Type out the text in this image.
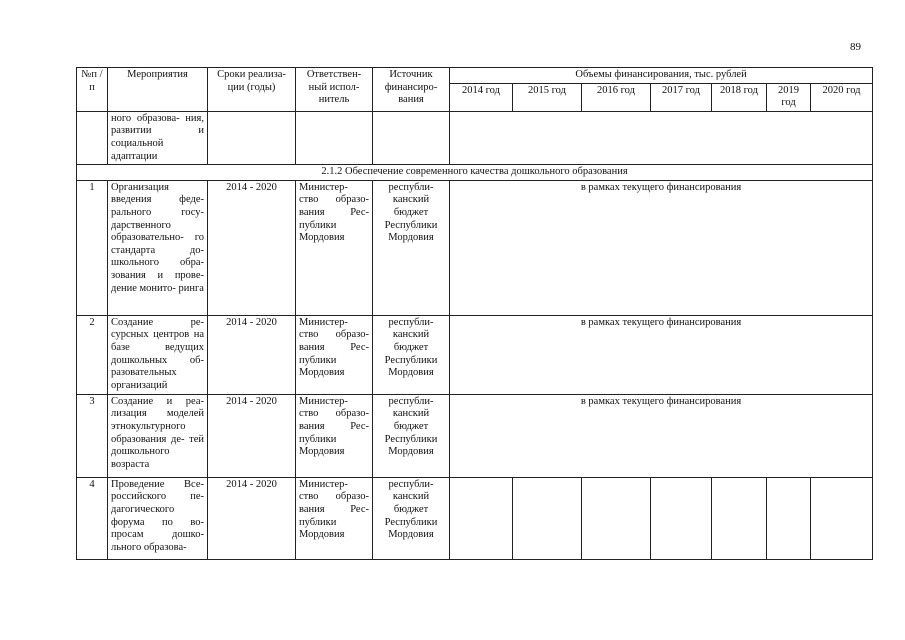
89
№п /п	Мероприятия	Сроки реализа- ции (годы)	Ответствен- ный испол- нитель	Источник финансиро- вания	Объемы финансирования, тыс. рублей						
					2014 год	2015 год	2016 год	2017 год	2018 год	2019 год	2020 год
	ного образова- ния, развитии и социальной адаптации										
2.1.2 Обеспечение современного качества дошкольного образования											
1	Организация введения феде- рального госу- дарственного образовательно- го стандарта до- школьного обра- зования и прове- дение монито- ринга	2014 - 2020	Министер- ство образо- вания Рес- публики Мордовия	республи- канский бюджет Республики Мордовия	в рамках текущего финансирования						
2	Создание ре- сурсных центров на базе ведущих дошкольных об- разовательных организаций	2014 - 2020	Министер- ство образо- вания Рес- публики Мордовия	республи- канский бюджет Республики Мордовия	в рамках текущего финансирования						
3	Создание и реа- лизация моделей этнокультурного образования де- тей дошкольного возраста	2014 - 2020	Министер- ство образо- вания Рес- публики Мордовия	республи- канский бюджет Республики Мордовия	в рамках текущего финансирования						
4	Проведение Все- российского пе- дагогического форума по во- просам дошко- льного образова-	2014 - 2020	Министер- ство образо- вания Рес- публики Мордовия	республи- канский бюджет Республики Мордовия							
